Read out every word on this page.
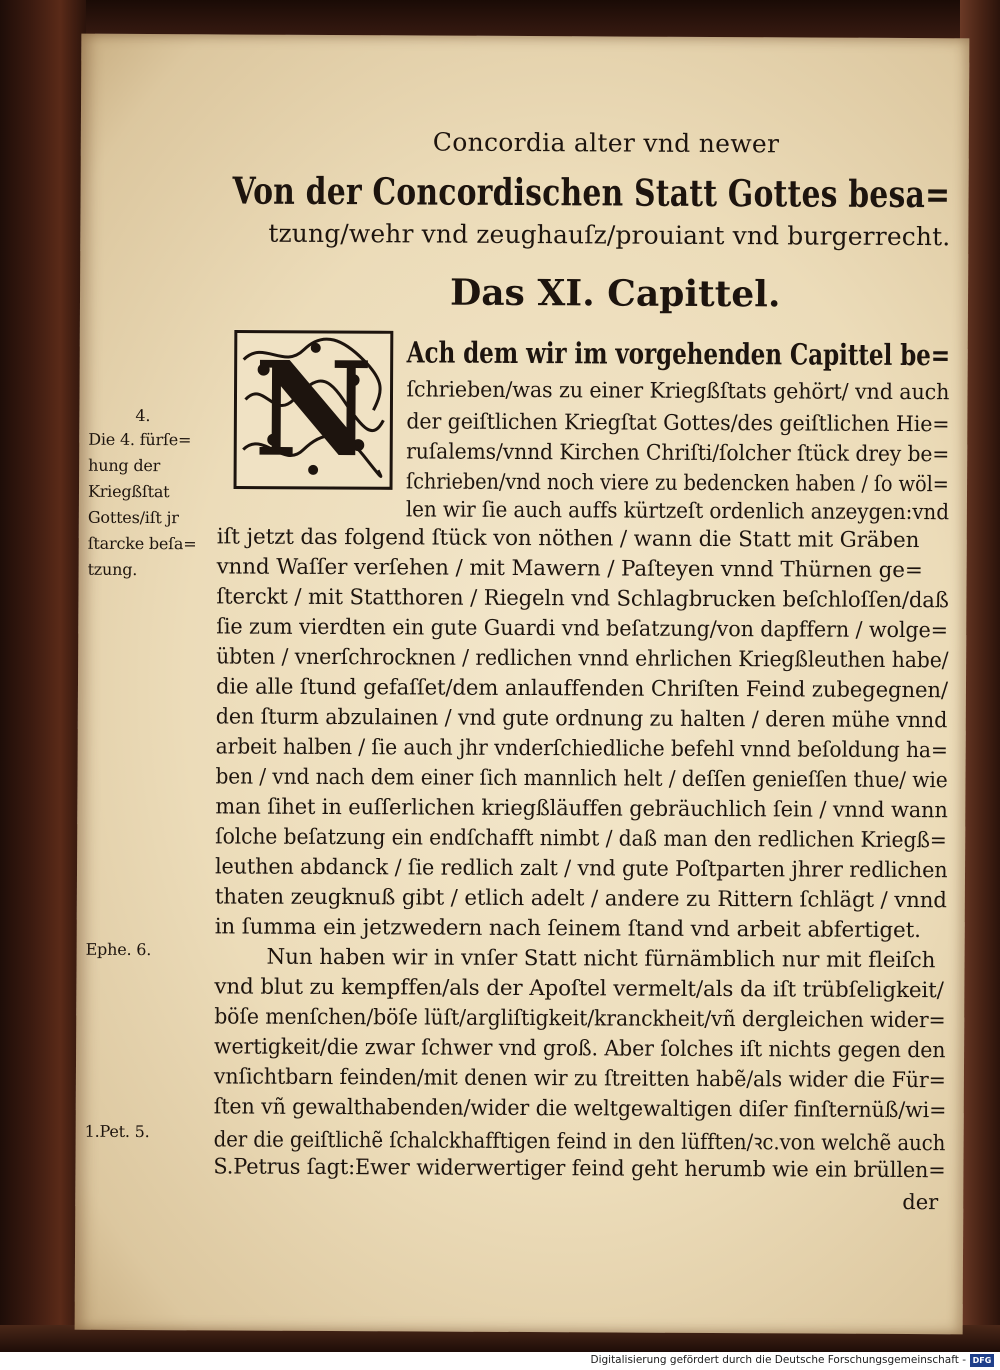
Concordia alter vnd newer
Von der Concordischen Statt Gottes besa=
tzung/wehr vnd zeughauſz/prouiant vnd burgerrecht.
Das XI. Capittel.
N	Ach dem wir im vorgehenden Capittel be=
ſchrieben/was zu einer Kriegßſtats gehört/ vnd auch
der geiſtlichen Kriegſtat Gottes/des geiſtlichen Hie=
ruſalems/vnnd Kirchen Chriſti/ſolcher ſtück drey be=
ſchrieben/vnd noch viere zu bedencken haben / ſo wöl=
len wir ſie auch auffs kürtzeſt ordenlich anzeygen:vnd
iſt jetzt das folgend ſtück von nöthen / wann die Statt mit Gräben
vnnd Waſſer verſehen / mit Mawern / Paſteyen vnnd Thürnen ge=
ſterckt / mit Statthoren / Riegeln vnd Schlagbrucken beſchloſſen/daß
ſie zum vierdten ein gute Guardi vnd beſatzung/von dapffern / wolge=
übten / vnerſchrocknen / redlichen vnnd ehrlichen Kriegßleuthen habe/
die alle ſtund gefaſſet/dem anlauffenden Chriſten Feind zubegegnen/
den ſturm abzulainen / vnd gute ordnung zu halten / deren mühe vnnd
arbeit halben / ſie auch jhr vnderſchiedliche befehl vnnd beſoldung ha=
ben / vnd nach dem einer ſich mannlich helt / deſſen genieſſen thue/ wie
man ſihet in euſſerlichen kriegßläuffen gebräuchlich ſein / vnnd wann
ſolche beſatzung ein endſchafft nimbt / daß man den redlichen Kriegß=
leuthen abdanck / ſie redlich zalt / vnd gute Poſtparten jhrer redlichen
thaten zeugknuß gibt / etlich adelt / andere zu Rittern ſchlägt / vnnd
in ſumma ein jetzwedern nach ſeinem ſtand vnd arbeit abfertiget.
Nun haben wir in vnſer Statt nicht fürnämblich nur mit fleiſch
vnd blut zu kempffen/als der Apoſtel vermelt/als da iſt trübſeligkeit/
böſe menſchen/böſe lüſt/argliſtigkeit/kranckheit/vñ dergleichen wider=
wertigkeit/die zwar ſchwer vnd groß. Aber ſolches iſt nichts gegen den
vnſichtbarn feinden/mit denen wir zu ſtreitten habẽ/als wider die Für=
ſten vñ gewalthabenden/wider die weltgewaltigen diſer finſternüß/wi=
der die geiſtlichẽ ſchalckhafftigen feind in den lüfften/ꝛc.von welchẽ auch
S.Petrus ſagt:Ewer widerwertiger feind geht herumb wie ein brüllen=
der
4.
Die 4. fürſe=
hung der
Kriegßſtat
Gottes/iſt jr
ſtarcke beſa=
tzung.
Ephe. 6.
1.Pet. 5.
Digitalisierung gefördert durch die Deutsche Forschungsgemeinschaft - DFG
